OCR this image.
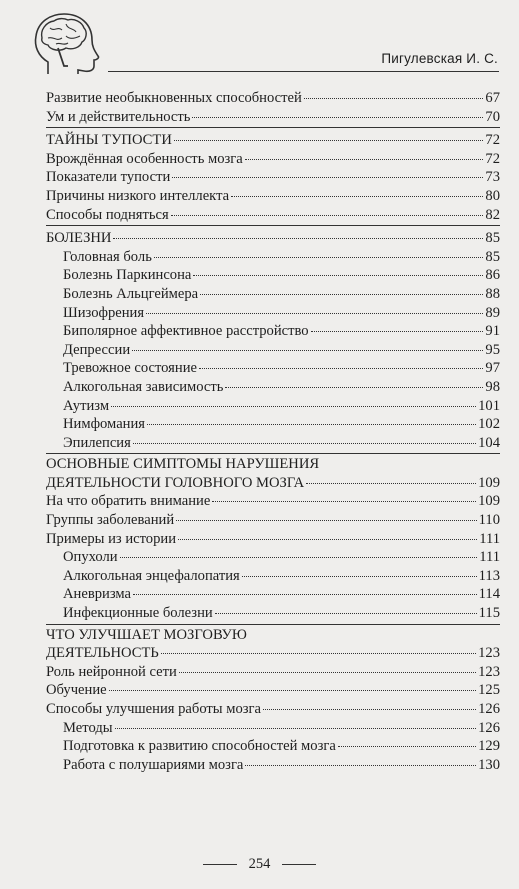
Пигулевская И. С.
Развитие необыкновенных способностей	67
Ум и действительность	70
ТАЙНЫ ТУПОСТИ	72
Врождённая особенность мозга	72
Показатели тупости	73
Причины низкого интеллекта	80
Способы подняться	82
БОЛЕЗНИ	85
Головная боль	85
Болезнь Паркинсона	86
Болезнь Альцгеймера	88
Шизофрения	89
Биполярное аффективное расстройство	91
Депрессии	95
Тревожное состояние	97
Алкогольная зависимость	98
Аутизм	101
Нимфомания	102
Эпилепсия	104
ОСНОВНЫЕ СИМПТОМЫ НАРУШЕНИЯ
ДЕЯТЕЛЬНОСТИ ГОЛОВНОГО МОЗГА	109
На что обратить внимание	109
Группы заболеваний	110
Примеры из истории	111
Опухоли	111
Алкогольная энцефалопатия	113
Аневризма	114
Инфекционные болезни	115
ЧТО УЛУЧШАЕТ МОЗГОВУЮ
ДЕЯТЕЛЬНОСТЬ	123
Роль нейронной сети	123
Обучение	125
Способы улучшения работы мозга	126
Методы	126
Подготовка к развитию способностей мозга	129
Работа с полушариями мозга	130
254
